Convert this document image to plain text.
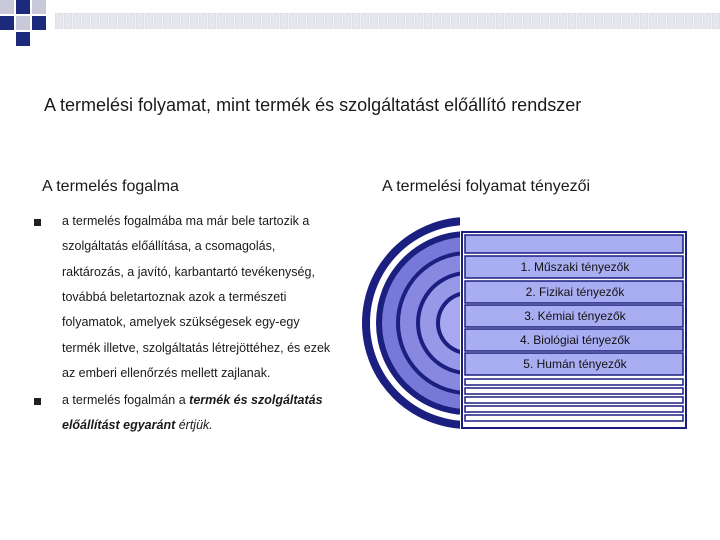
A termelési folyamat, mint termék és szolgáltatást előállító rendszer
A termelés fogalma	A termelési folyamat tényezői
a termelés fogalmába ma már bele tartozik a
szolgáltatás előállítása, a csomagolás,
raktározás, a javító, karbantartó tevékenység,
továbbá beletartoznak azok a természeti
folyamatok, amelyek szükségesek egy-egy
termék illetve, szolgáltatás létrejöttéhez, és ezek
az emberi ellenőrzés mellett zajlanak.
a termelés fogalmán a termék és szolgáltatás
előállítást egyaránt értjük.
1. Műszaki tényezők
2. Fizikai tényezők
3. Kémiai tényezők
4. Biológiai tényezők
5. Humán tényezők
